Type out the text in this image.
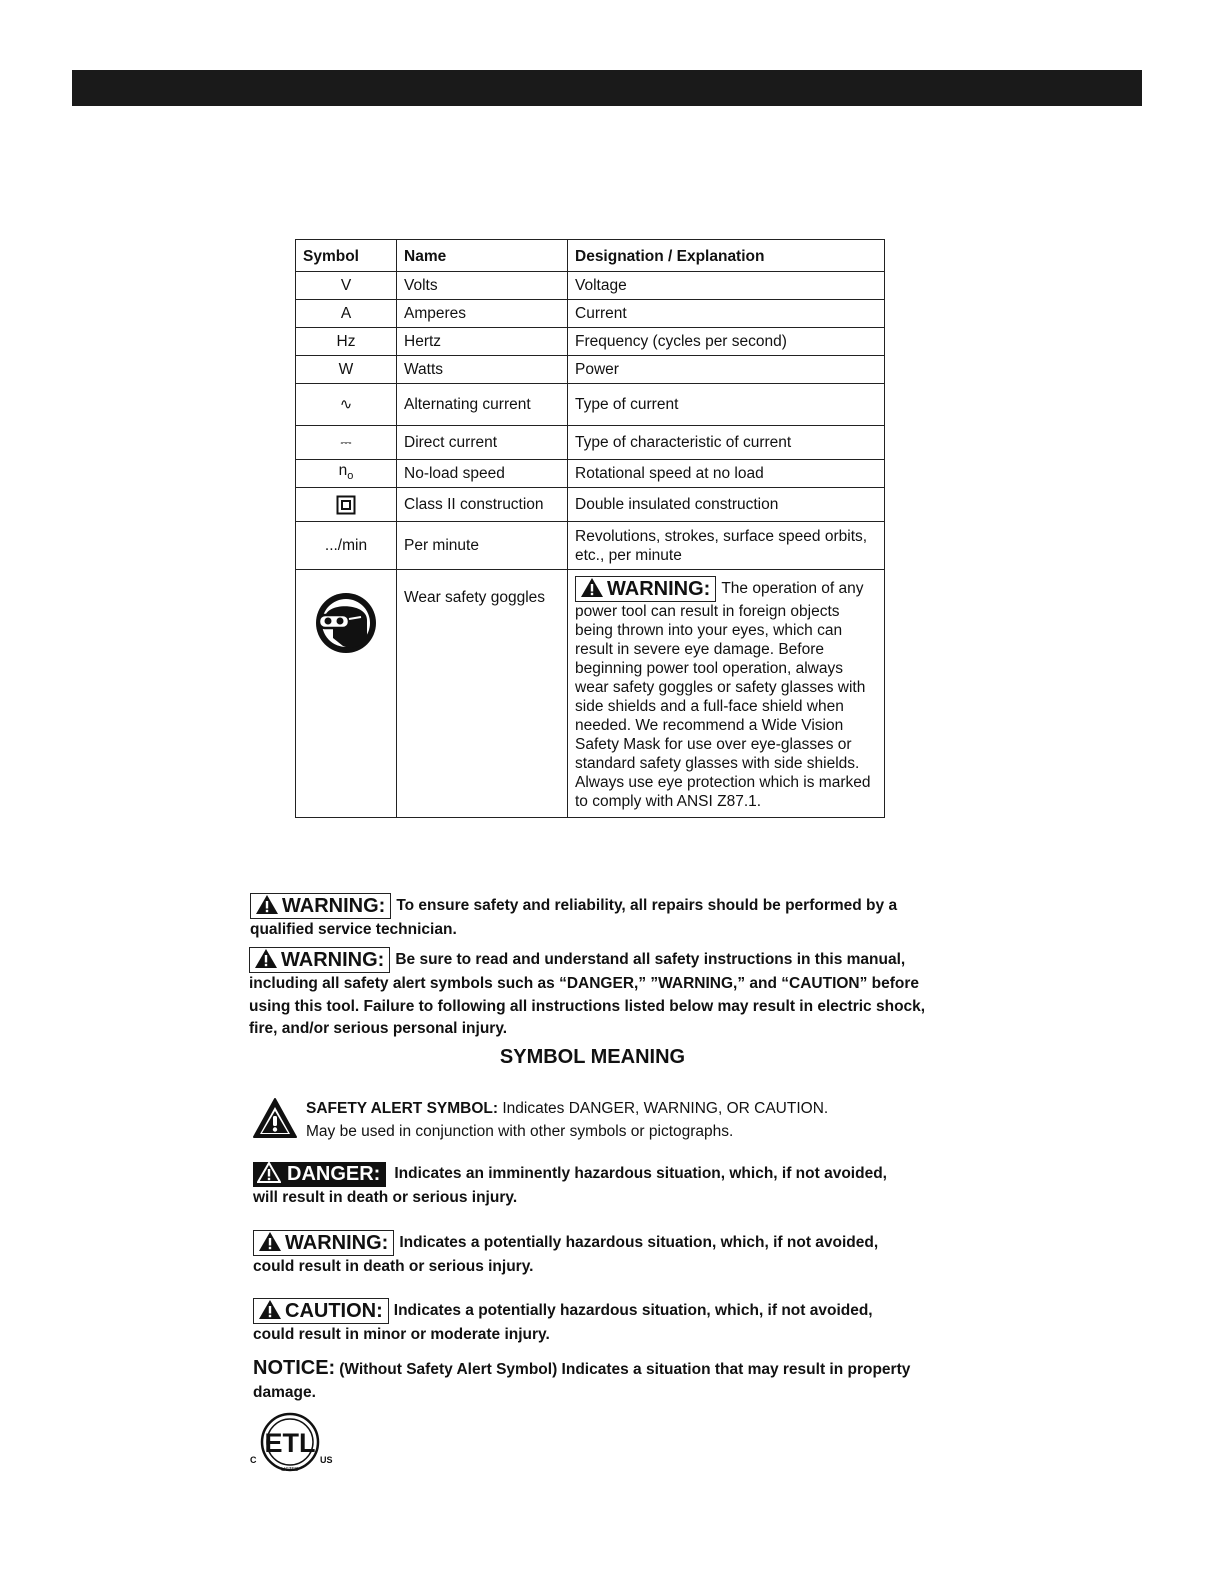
Symbol	Name	Designation / Explanation
V	Volts	Voltage
A	Amperes	Current
Hz	Hertz	Frequency (cycles per second)
W	Watts	Power
∿	Alternating current	Type of current
⎓	Direct current	Type of characteristic of current
$n_o$	No-load speed	Rotational speed at no load
	Class II construction	Double insulated construction
.../min	Per minute	Revolutions, strokes, surface speed orbits, etc., per minute

	Wear safety goggles	WARNING: The operation of any power tool can result in foreign objects being thrown into your eyes, which can result in severe eye damage. Before beginning power tool operation, always wear safety goggles or safety glasses with side shields and a full-face shield when needed. We recommend a Wide Vision Safety Mask for use over eye-glasses or standard safety glasses with side shields. Always use eye protection which is marked to comply with ANSI Z87.1.
WARNING: To ensure safety and reliability, all repairs should be performed by a qualified service technician.
WARNING: Be sure to read and understand all safety instructions in this manual, including all safety alert symbols such as “DANGER,” ”WARNING,” and “CAUTION” before using this tool. Failure to following all instructions listed below may result in electric shock, fire, and/or serious personal injury.
SYMBOL MEANING
SAFETY ALERT SYMBOL: Indicates DANGER, WARNING, OR CAUTION.
May be used in conjunction with other symbols or pictographs.
DANGER: Indicates an imminently hazardous situation, which, if not avoided, will result in death or serious injury.
WARNING: Indicates a potentially hazardous situation, which, if not avoided, could result in death or serious injury.
CAUTION: Indicates a potentially hazardous situation, which, if not avoided, could result in minor or moderate injury.
NOTICE: (Without Safety Alert Symbol) Indicates a situation that may result in property damage.
ETL
C	US
LISTED
